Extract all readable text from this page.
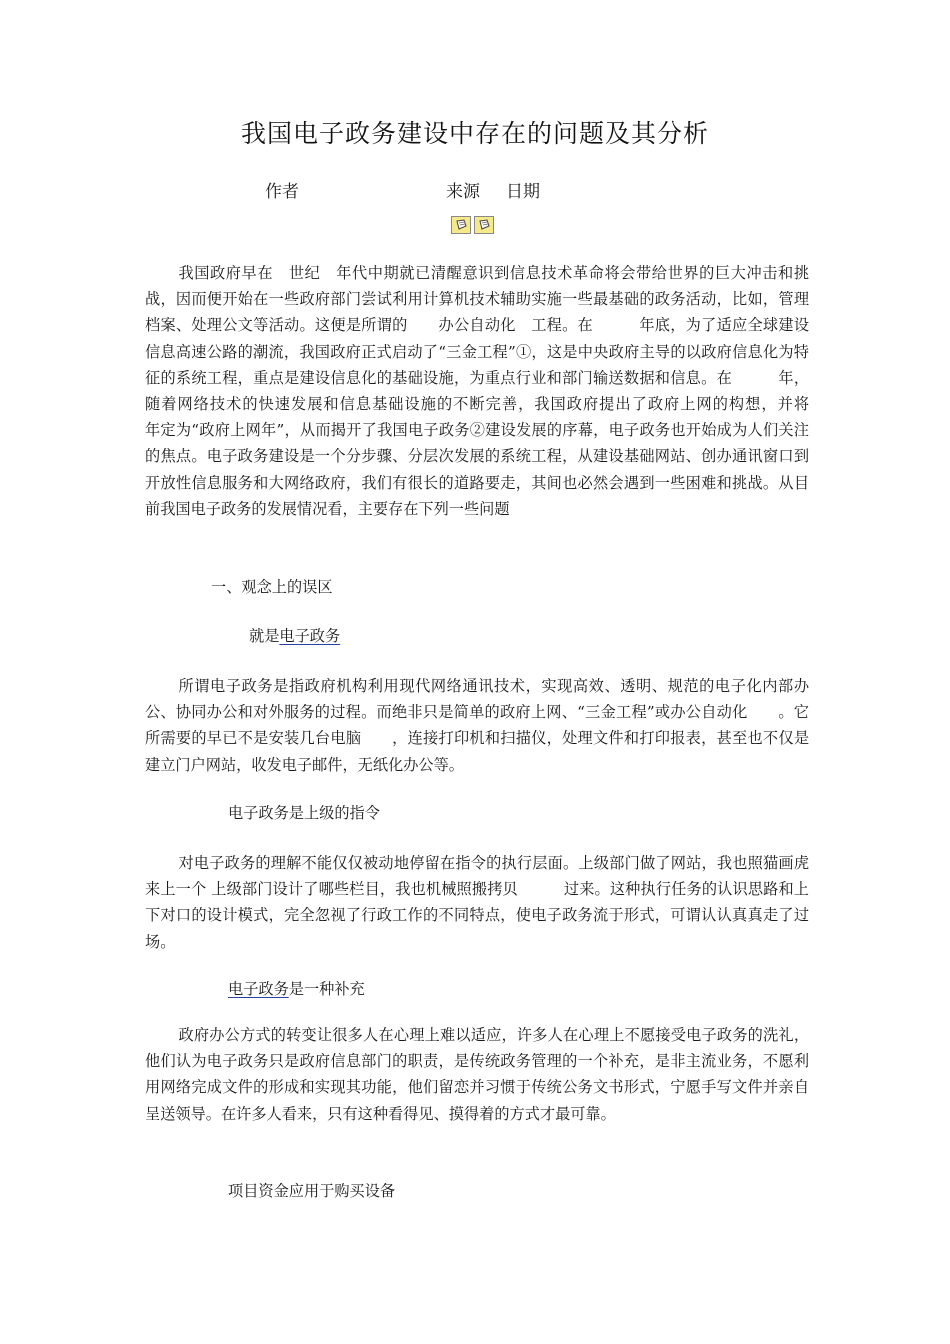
我国电子政务建设中存在的问题及其分析
作者	来源 日期

我国政府早在　世纪　年代中期就已清醒意识到信息技术革命将会带给世界的巨大冲击和挑战，因而便开始在一些政府部门尝试利用计算机技术辅助实施一些最基础的政务活动，比如，管理档案、处理公文等活动。这便是所谓的　　办公自动化　工程。在　　　年底，为了适应全球建设信息高速公路的潮流，我国政府正式启动了“三金工程”①，这是中央政府主导的以政府信息化为特征的系统工程，重点是建设信息化的基础设施，为重点行业和部门输送数据和信息。在　　　年，随着网络技术的快速发展和信息基础设施的不断完善，我国政府提出了政府上网的构想，并将　　　年定为“政府上网年”，从而揭开了我国电子政务②建设发展的序幕，电子政务也开始成为人们关注的焦点。电子政务建设是一个分步骤、分层次发展的系统工程，从建设基础网站、创办通讯窗口到开放性信息服务和大网络政府，我们有很长的道路要走，其间也必然会遇到一些困难和挑战。从目前我国电子政务的发展情况看，主要存在下列一些问题

一、观念上的误区
就是电子政务

所谓电子政务是指政府机构利用现代网络通讯技术，实现高效、透明、规范的电子化内部办公、协同办公和对外服务的过程。而绝非只是简单的政府上网、“三金工程”或办公自动化　　。它所需要的早已不是安装几台电脑　　，连接打印机和扫描仪，处理文件和打印报表，甚至也不仅是建立门户网站，收发电子邮件，无纸化办公等。

电子政务是上级的指令

对电子政务的理解不能仅仅被动地停留在指令的执行层面。上级部门做了网站，我也照猫画虎来上一个 上级部门设计了哪些栏目，我也机械照搬拷贝　　　过来。这种执行任务的认识思路和上下对口的设计模式，完全忽视了行政工作的不同特点，使电子政务流于形式，可谓认认真真走了过场。

电子政务是一种补充

政府办公方式的转变让很多人在心理上难以适应，许多人在心理上不愿接受电子政务的洗礼，他们认为电子政务只是政府信息部门的职责，是传统政务管理的一个补充，是非主流业务，不愿利用网络完成文件的形成和实现其功能，他们留恋并习惯于传统公务文书形式，宁愿手写文件并亲自呈送领导。在许多人看来，只有这种看得见、摸得着的方式才最可靠。

项目资金应用于购买设备
